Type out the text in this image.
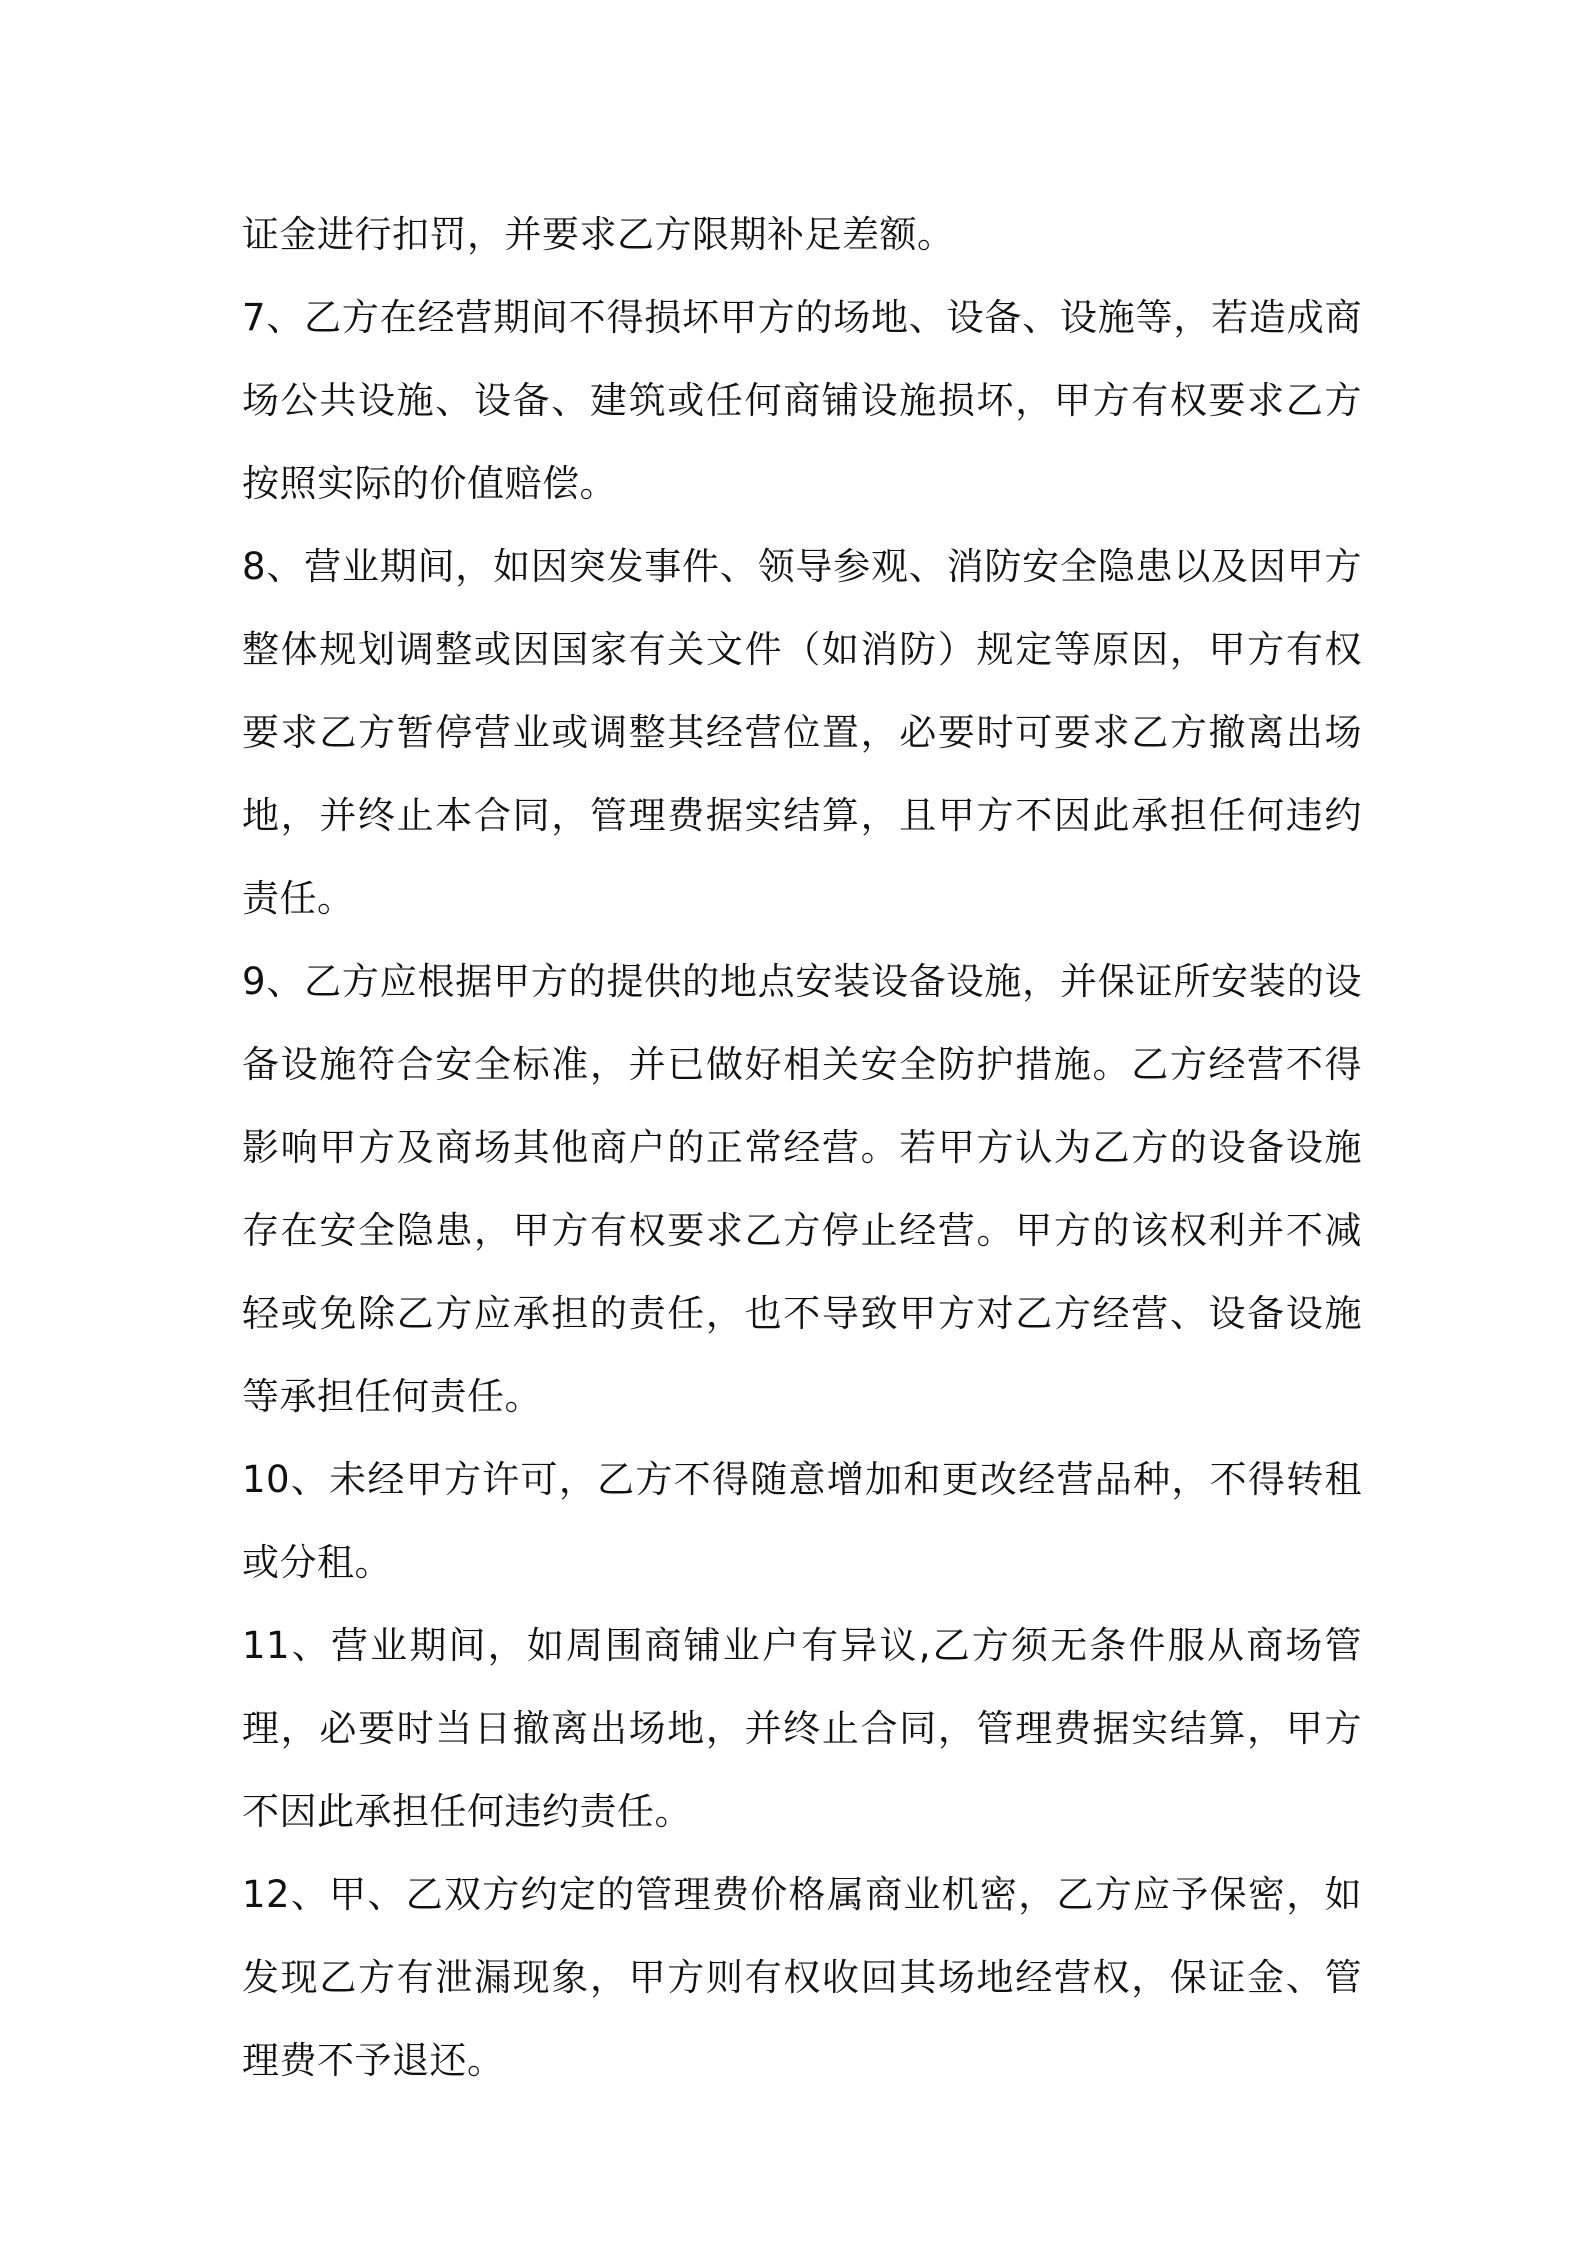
证金进行扣罚，并要求乙方限期补足差额。

7、乙方在经营期间不得损坏甲方的场地、设备、设施等，若造成商场公共设施、设备、建筑或任何商铺设施损坏，甲方有权要求乙方按照实际的价值赔偿。

8、营业期间，如因突发事件、领导参观、消防安全隐患以及因甲方整体规划调整或因国家有关文件（如消防）规定等原因，甲方有权要求乙方暂停营业或调整其经营位置，必要时可要求乙方撤离出场地，并终止本合同，管理费据实结算，且甲方不因此承担任何违约责任。

9、乙方应根据甲方的提供的地点安装设备设施，并保证所安装的设备设施符合安全标准，并已做好相关安全防护措施。乙方经营不得影响甲方及商场其他商户的正常经营。若甲方认为乙方的设备设施存在安全隐患，甲方有权要求乙方停止经营。甲方的该权利并不减轻或免除乙方应承担的责任，也不导致甲方对乙方经营、设备设施等承担任何责任。

10、未经甲方许可，乙方不得随意增加和更改经营品种，不得转租或分租。

11、营业期间，如周围商铺业户有异议,乙方须无条件服从商场管理，必要时当日撤离出场地，并终止合同，管理费据实结算，甲方不因此承担任何违约责任。

12、甲、乙双方约定的管理费价格属商业机密，乙方应予保密，如发现乙方有泄漏现象，甲方则有权收回其场地经营权，保证金、管理费不予退还。
